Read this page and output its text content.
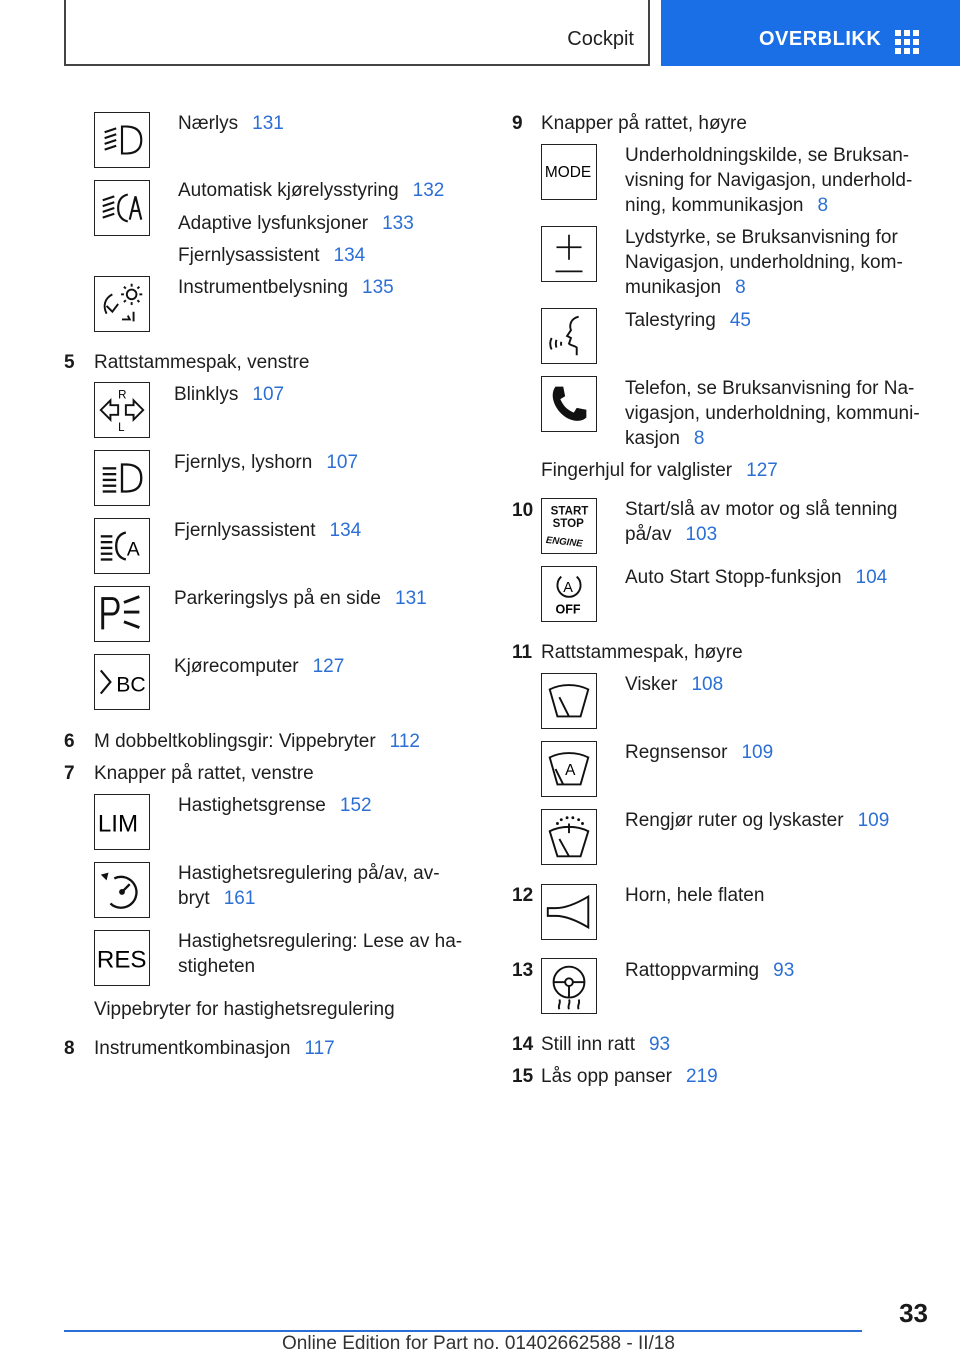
Cockpit	OVERBLIKK
Nærlys 131
Automatisk kjørelysstyring 132
Adaptive lysfunksjoner 133
Fjernlysassistent 134
Instrumentbelysning 135
5 Rattstammespak, venstre
R
L
Blinklys 107
Fjernlys, lyshorn 107
A
Fjernlysassistent 134
Parkeringslys på en side 131
BC
Kjørecomputer 127
6 M dobbeltkoblingsgir: Vippebryter 112
7 Knapper på rattet, venstre
LIM
Hastighetsgrense 152
Hastighetsregulering på/av, av-
bryt 161
RES
Hastighetsregulering: Lese av ha-
stigheten
Vippebryter for hastighetsregulering
8 Instrumentkombinasjon 117
9 Knapper på rattet, høyre
MODE
Underholdningskilde, se Bruksan-
visning for Navigasjon, underhold-
ning, kommunikasjon 8
Lydstyrke, se Bruksanvisning for
Navigasjon, underholdning, kom-
munikasjon 8
Talestyring 45
Telefon, se Bruksanvisning for Na-
vigasjon, underholdning, kommuni-
kasjon 8
Fingerhjul for valglister 127
10 START
STOP
ENGINE
Start/slå av motor og slå tenning
på/av 103
A
OFF
Auto Start Stopp-funksjon 104
11 Rattstammespak, høyre
Visker 108
A
Regnsensor 109
Rengjør ruter og lyskaster 109
12	Horn, hele flaten
13	Rattoppvarming 93
14 Still inn ratt 93
15 Lås opp panser 219
33
Online Edition for Part no. 01402662588 - II/18
